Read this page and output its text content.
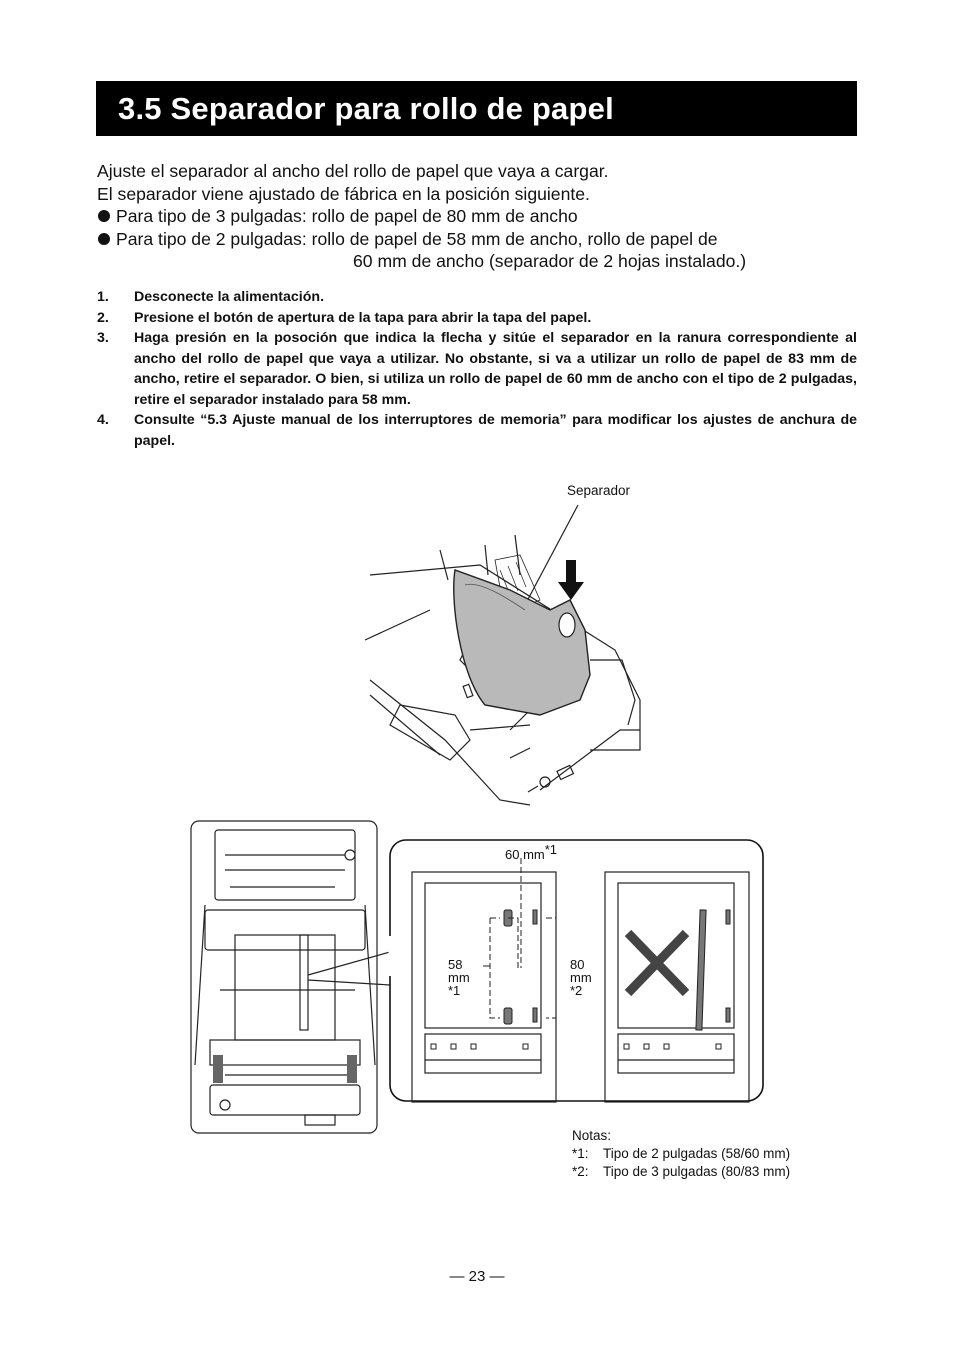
3.5 Separador para rollo de papel

Ajuste el separador al ancho del rollo de papel que vaya a cargar.

El separador viene ajustado de fábrica en la posición siguiente.

Para tipo de 3 pulgadas: rollo de papel de 80 mm de ancho

Para tipo de 2 pulgadas: rollo de papel de 58 mm de ancho, rollo de papel de
60 mm de ancho (separador de 2 hojas instalado.)

1. Desconecte la alimentación.
2. Presione el botón de apertura de la tapa para abrir la tapa del papel.
3. Haga presión en la posoción que indica la flecha y sitúe el separador en la ranura correspondiente al ancho del rollo de papel que vaya a utilizar. No obstante, si va a utilizar un rollo de papel de 83 mm de ancho, retire el separador. O bien, si utiliza un rollo de papel de 60 mm de ancho con el tipo de 2 pulgadas, retire el separador instalado para 58 mm.
4. Consulte “5.3 Ajuste manual de los interruptores de memoria” para modificar los ajustes de anchura de papel.
Separador
60 mm*1
58
mm
*1
80
mm
*2
Notas:
*1: Tipo de 2 pulgadas (58/60 mm)
*2: Tipo de 3 pulgadas (80/83 mm)
— 23 —
